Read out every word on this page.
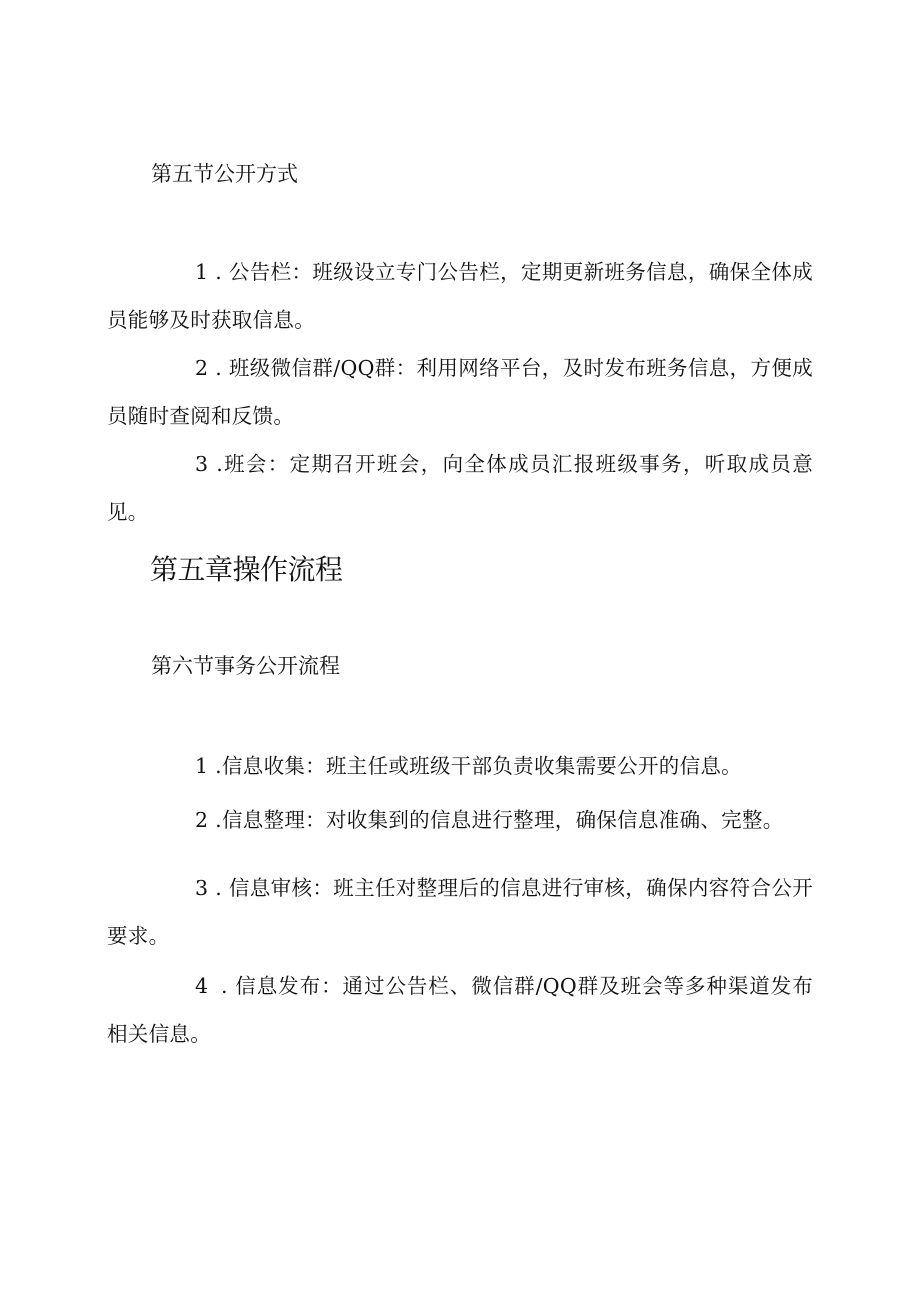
第五节公开方式
1 . 公告栏：班级设立专门公告栏，定期更新班务信息，确保全体成员能够及时获取信息。
2 . 班级微信群/QQ群：利用网络平台，及时发布班务信息，方便成员随时查阅和反馈。
3 .班会：定期召开班会，向全体成员汇报班级事务，听取成员意见。
第五章操作流程
第六节事务公开流程
1 .信息收集：班主任或班级干部负责收集需要公开的信息。
2 .信息整理：对收集到的信息进行整理，确保信息准确、完整。
3 . 信息审核：班主任对整理后的信息进行审核，确保内容符合公开要求。
4 . 信息发布：通过公告栏、微信群/QQ群及班会等多种渠道发布相关信息。
